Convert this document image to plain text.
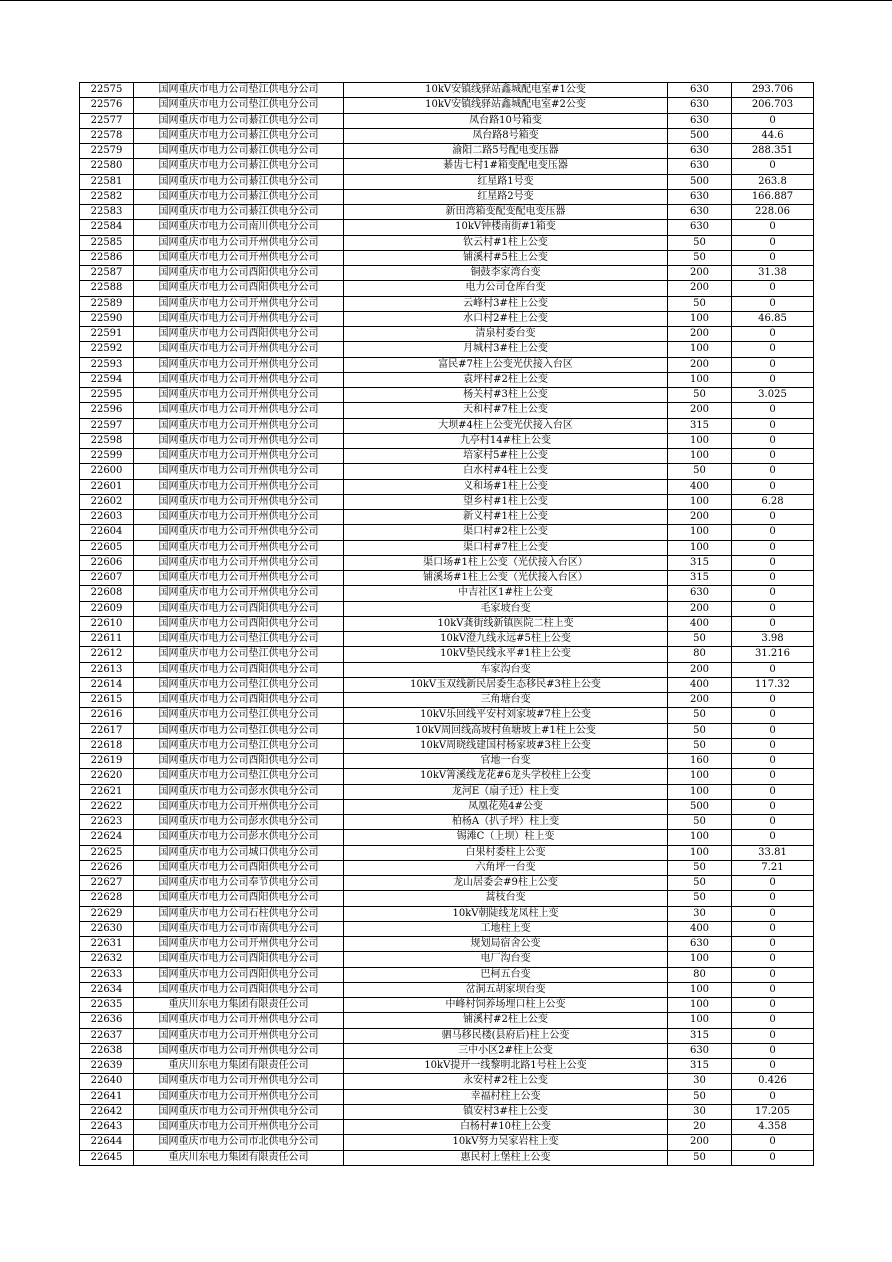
22575	国网重庆市电力公司垫江供电分公司	10kV安镇线驿站鑫城配电室#1公变	630	293.706
22576	国网重庆市电力公司垫江供电分公司	10kV安镇线驿站鑫城配电室#2公变	630	206.703
22577	国网重庆市电力公司綦江供电分公司	凤台路10号箱变	630	0
22578	国网重庆市电力公司綦江供电分公司	凤台路8号箱变	500	44.6
22579	国网重庆市电力公司綦江供电分公司	渝阳二路5号配电变压器	630	288.351
22580	国网重庆市电力公司綦江供电分公司	綦齿七村1#箱变配电变压器	630	0
22581	国网重庆市电力公司綦江供电分公司	红星路1号变	500	263.8
22582	国网重庆市电力公司綦江供电分公司	红星路2号变	630	166.887
22583	国网重庆市电力公司綦江供电分公司	新田湾箱变配变配电变压器	630	228.06
22584	国网重庆市电力公司南川供电分公司	10kV钟楼南街#1箱变	630	0
22585	国网重庆市电力公司开州供电分公司	钦云村#1柱上公变	50	0
22586	国网重庆市电力公司开州供电分公司	铺溪村#5柱上公变	50	0
22587	国网重庆市电力公司酉阳供电分公司	铜鼓李家湾台变	200	31.38
22588	国网重庆市电力公司酉阳供电分公司	电力公司仓库台变	200	0
22589	国网重庆市电力公司开州供电分公司	云峰村3#柱上公变	50	0
22590	国网重庆市电力公司开州供电分公司	水口村2#柱上公变	100	46.85
22591	国网重庆市电力公司酉阳供电分公司	清泉村委台变	200	0
22592	国网重庆市电力公司开州供电分公司	月城村3#柱上公变	100	0
22593	国网重庆市电力公司开州供电分公司	富民#7柱上公变光伏接入台区	200	0
22594	国网重庆市电力公司开州供电分公司	袁坪村#2柱上公变	100	0
22595	国网重庆市电力公司开州供电分公司	杨关村#3柱上公变	50	3.025
22596	国网重庆市电力公司开州供电分公司	天和村#7柱上公变	200	0
22597	国网重庆市电力公司开州供电分公司	大坝#4柱上公变光伏接入台区	315	0
22598	国网重庆市电力公司开州供电分公司	九亭村14#柱上公变	100	0
22599	国网重庆市电力公司开州供电分公司	培家村5#柱上公变	100	0
22600	国网重庆市电力公司开州供电分公司	白水村#4柱上公变	50	0
22601	国网重庆市电力公司开州供电分公司	义和场#1柱上公变	400	0
22602	国网重庆市电力公司开州供电分公司	望乡村#1柱上公变	100	6.28
22603	国网重庆市电力公司开州供电分公司	新义村#1柱上公变	200	0
22604	国网重庆市电力公司开州供电分公司	渠口村#2柱上公变	100	0
22605	国网重庆市电力公司开州供电分公司	渠口村#7柱上公变	100	0
22606	国网重庆市电力公司开州供电分公司	渠口场#1柱上公变（光伏接入台区）	315	0
22607	国网重庆市电力公司开州供电分公司	铺溪场#1柱上公变（光伏接入台区）	315	0
22608	国网重庆市电力公司开州供电分公司	中吉社区1#柱上公变	630	0
22609	国网重庆市电力公司酉阳供电分公司	毛家坡台变	200	0
22610	国网重庆市电力公司酉阳供电分公司	10kV龚街线新镇医院二柱上变	400	0
22611	国网重庆市电力公司垫江供电分公司	10kV澄九线永远#5柱上公变	50	3.98
22612	国网重庆市电力公司垫江供电分公司	10kV垫民线永平#1柱上公变	80	31.216
22613	国网重庆市电力公司酉阳供电分公司	车家沟台变	200	0
22614	国网重庆市电力公司垫江供电分公司	10kV玉双线新民居委生态移民#3柱上公变	400	117.32
22615	国网重庆市电力公司酉阳供电分公司	三角塘台变	200	0
22616	国网重庆市电力公司垫江供电分公司	10kV乐回线平安村刘家坡#7柱上公变	50	0
22617	国网重庆市电力公司垫江供电分公司	10kV周回线高坡村鱼塘坡上#1柱上公变	50	0
22618	国网重庆市电力公司垫江供电分公司	10kV周晓线建国村杨家坡#3柱上公变	50	0
22619	国网重庆市电力公司酉阳供电分公司	官地一台变	160	0
22620	国网重庆市电力公司垫江供电分公司	10kV箐溪线龙花#6龙头学校柱上公变	100	0
22621	国网重庆市电力公司彭水供电分公司	龙河E（扇子迁）柱上变	100	0
22622	国网重庆市电力公司开州供电分公司	凤凰花苑4#公变	500	0
22623	国网重庆市电力公司彭水供电分公司	柏杨A（扒子坪）柱上变	50	0
22624	国网重庆市电力公司彭水供电分公司	锡滩C（上坝）柱上变	100	0
22625	国网重庆市电力公司城口供电分公司	白果村委柱上公变	100	33.81
22626	国网重庆市电力公司酉阳供电分公司	六角坪一台变	50	7.21
22627	国网重庆市电力公司奉节供电分公司	龙山居委会#9柱上公变	50	0
22628	国网重庆市电力公司酉阳供电分公司	蒿枝台变	50	0
22629	国网重庆市电力公司石柱供电分公司	10kV朝陡线龙凤柱上变	30	0
22630	国网重庆市电力公司市南供电分公司	工地柱上变	400	0
22631	国网重庆市电力公司开州供电分公司	规划局宿舍公变	630	0
22632	国网重庆市电力公司酉阳供电分公司	电厂沟台变	100	0
22633	国网重庆市电力公司酉阳供电分公司	巴柯五台变	80	0
22634	国网重庆市电力公司酉阳供电分公司	岔洞五胡家坝台变	100	0
22635	重庆川东电力集团有限责任公司	中峰村饲养场埋口柱上公变	100	0
22636	国网重庆市电力公司开州供电分公司	铺溪村#2柱上公变	100	0
22637	国网重庆市电力公司开州供电分公司	驷马移民楼(县府后)柱上公变	315	0
22638	国网重庆市电力公司开州供电分公司	三中小区2#柱上公变	630	0
22639	重庆川东电力集团有限责任公司	10kV提开一线黎明北路1号柱上公变	315	0
22640	国网重庆市电力公司开州供电分公司	永安村#2柱上公变	30	0.426
22641	国网重庆市电力公司开州供电分公司	幸福村柱上公变	50	0
22642	国网重庆市电力公司开州供电分公司	镇安村3#柱上公变	30	17.205
22643	国网重庆市电力公司开州供电分公司	白杨村#10柱上公变	20	4.358
22644	国网重庆市电力公司市北供电分公司	10kV努力吴家岩柱上变	200	0
22645	重庆川东电力集团有限责任公司	惠民村上堡柱上公变	50	0
